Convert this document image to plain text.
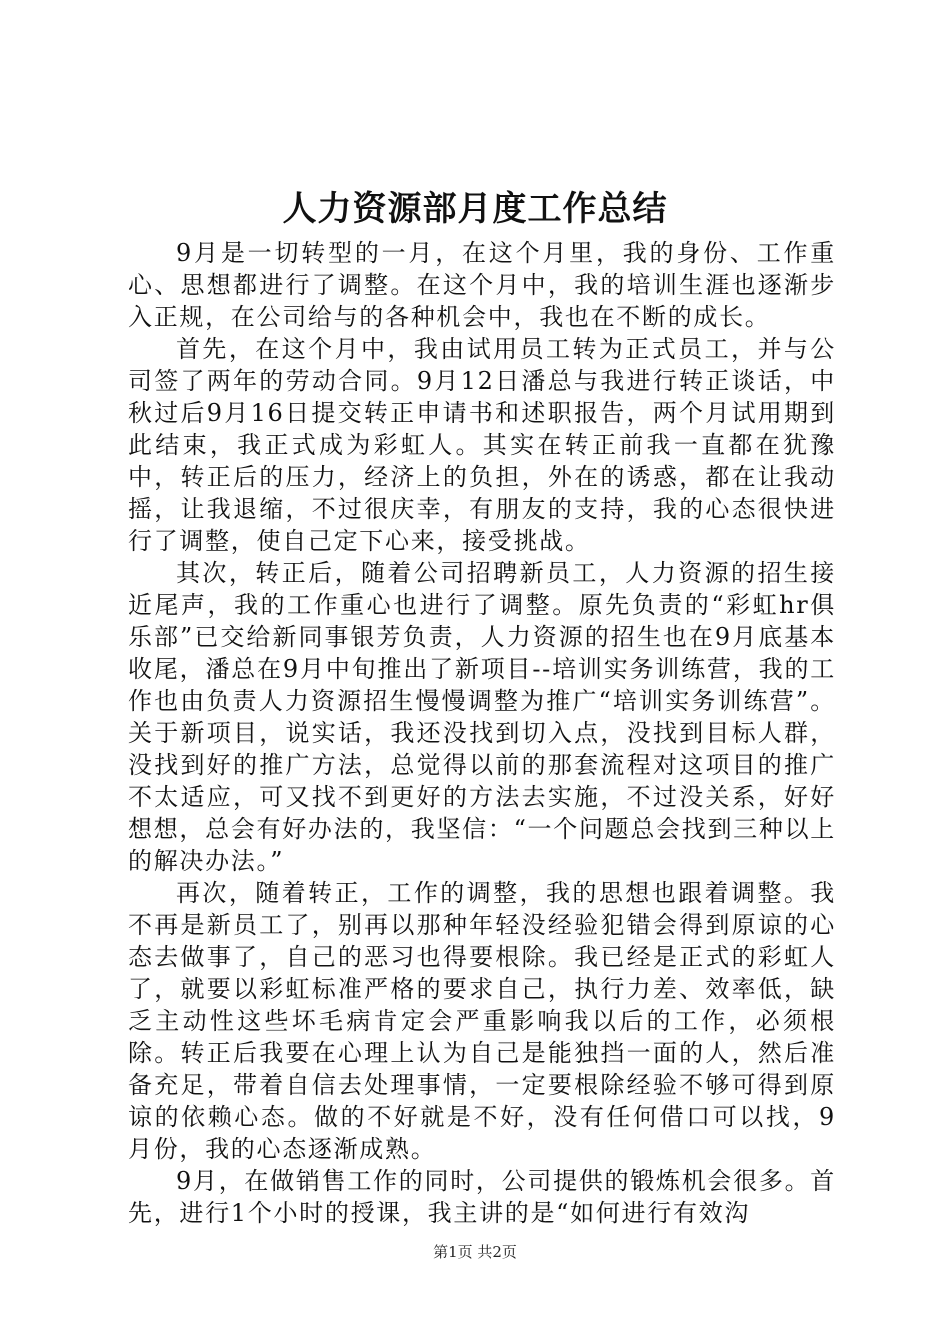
人力资源部月度工作总结

9月是一切转型的一月，在这个月里，我的身份、工作重心、思想都进行了调整。在这个月中，我的培训生涯也逐渐步入正规，在公司给与的各种机会中，我也在不断的成长。

首先，在这个月中，我由试用员工转为正式员工，并与公司签了两年的劳动合同。9月12日潘总与我进行转正谈话，中秋过后9月16日提交转正申请书和述职报告，两个月试用期到此结束，我正式成为彩虹人。其实在转正前我一直都在犹豫中，转正后的压力，经济上的负担，外在的诱惑，都在让我动摇，让我退缩，不过很庆幸，有朋友的支持，我的心态很快进行了调整，使自己定下心来，接受挑战。

其次，转正后，随着公司招聘新员工，人力资源的招生接近尾声，我的工作重心也进行了调整。原先负责的“彩虹hr俱乐部”已交给新同事银芳负责，人力资源的招生也在9月底基本收尾，潘总在9月中旬推出了新项目--培训实务训练营，我的工作也由负责人力资源招生慢慢调整为推广“培训实务训练营”。关于新项目，说实话，我还没找到切入点，没找到目标人群，没找到好的推广方法，总觉得以前的那套流程对这项目的推广不太适应，可又找不到更好的方法去实施，不过没关系，好好想想，总会有好办法的，我坚信：“一个问题总会找到三种以上的解决办法。”

再次，随着转正，工作的调整，我的思想也跟着调整。我不再是新员工了，别再以那种年轻没经验犯错会得到原谅的心态去做事了，自己的恶习也得要根除。我已经是正式的彩虹人了，就要以彩虹标准严格的要求自己，执行力差、效率低，缺乏主动性这些坏毛病肯定会严重影响我以后的工作，必须根除。转正后我要在心理上认为自己是能独挡一面的人，然后准备充足，带着自信去处理事情，一定要根除经验不够可得到原谅的依赖心态。做的不好就是不好，没有任何借口可以找，9月份，我的心态逐渐成熟。

9月，在做销售工作的同时，公司提供的锻炼机会很多。首先，进行1个小时的授课，我主讲的是“如何进行有效沟

第1页 共2页
